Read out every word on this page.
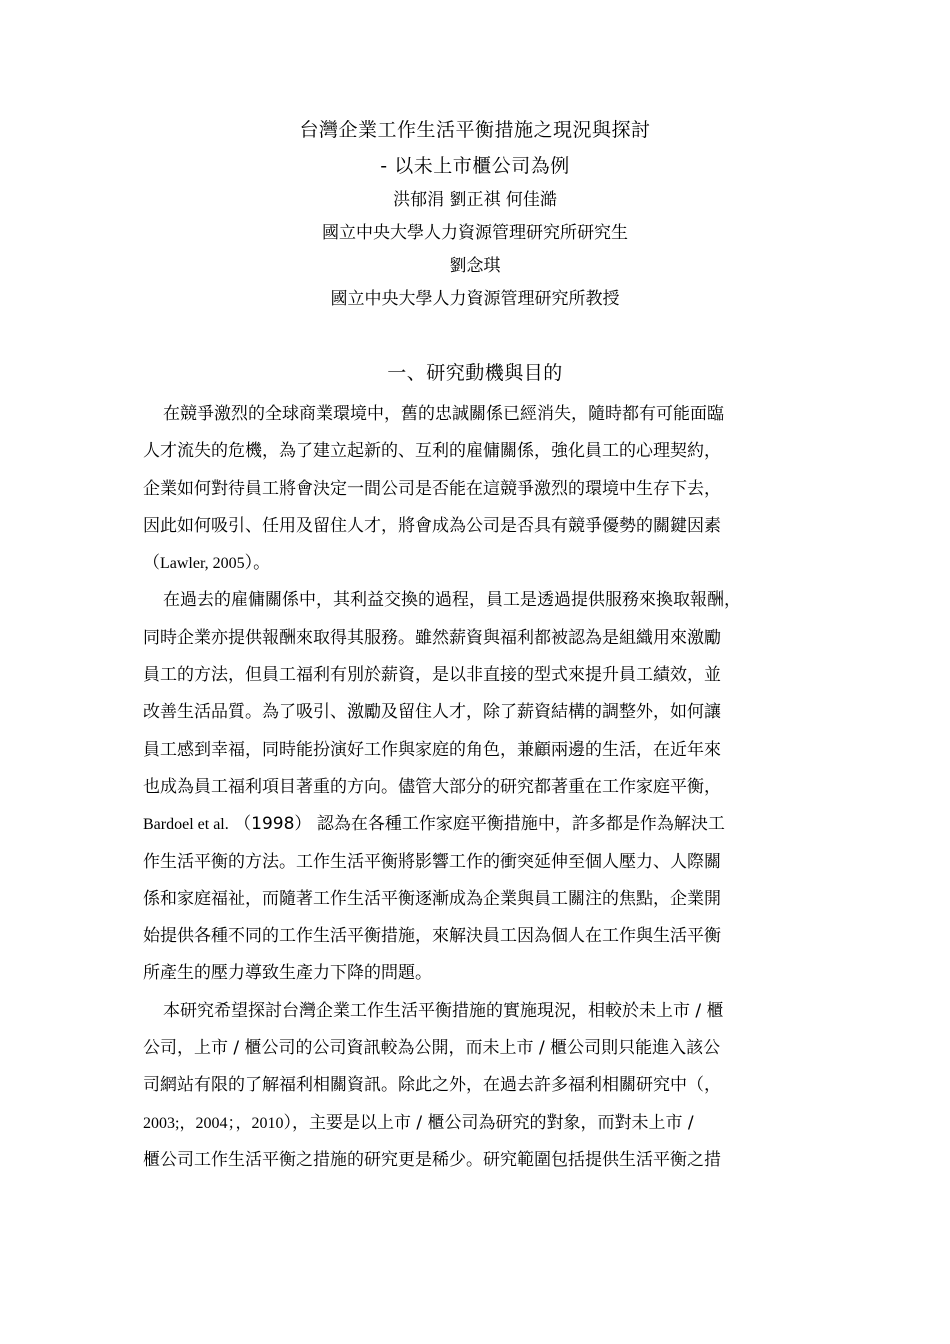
台灣企業工作生活平衡措施之現況與探討
- 以未上市櫃公司為例
洪郁涓 劉正祺 何佳澔
國立中央大學人力資源管理研究所研究生
劉念琪
國立中央大學人力資源管理研究所教授
一、研究動機與目的
在競爭激烈的全球商業環境中，舊的忠誠關係已經消失，隨時都有可能面臨
人才流失的危機，為了建立起新的、互利的雇傭關係，強化員工的心理契約，
企業如何對待員工將會決定一間公司是否能在這競爭激烈的環境中生存下去，
因此如何吸引、任用及留住人才，將會成為公司是否具有競爭優勢的關鍵因素
（Lawler, 2005）。
在過去的雇傭關係中，其利益交換的過程，員工是透過提供服務來換取報酬，
同時企業亦提供報酬來取得其服務。雖然薪資與福利都被認為是組織用來激勵
員工的方法，但員工福利有別於薪資，是以非直接的型式來提升員工績效，並
改善生活品質。為了吸引、激勵及留住人才，除了薪資結構的調整外，如何讓
員工感到幸福，同時能扮演好工作與家庭的角色，兼顧兩邊的生活，在近年來
也成為員工福利項目著重的方向。儘管大部分的研究都著重在工作家庭平衡，
Bardoel et al. （1998） 認為在各種工作家庭平衡措施中，許多都是作為解決工
作生活平衡的方法。工作生活平衡將影響工作的衝突延伸至個人壓力、人際關
係和家庭福祉，而隨著工作生活平衡逐漸成為企業與員工關注的焦點，企業開
始提供各種不同的工作生活平衡措施，來解決員工因為個人在工作與生活平衡
所產生的壓力導致生產力下降的問題。
本研究希望探討台灣企業工作生活平衡措施的實施現況，相較於未上市 / 櫃
公司，上市 / 櫃公司的公司資訊較為公開，而未上市 / 櫃公司則只能進入該公
司網站有限的了解福利相關資訊。除此之外，在過去許多福利相關研究中（，
2003;，2004；，2010），主要是以上市 / 櫃公司為研究的對象，而對未上市 /
櫃公司工作生活平衡之措施的研究更是稀少。研究範圍包括提供生活平衡之措
